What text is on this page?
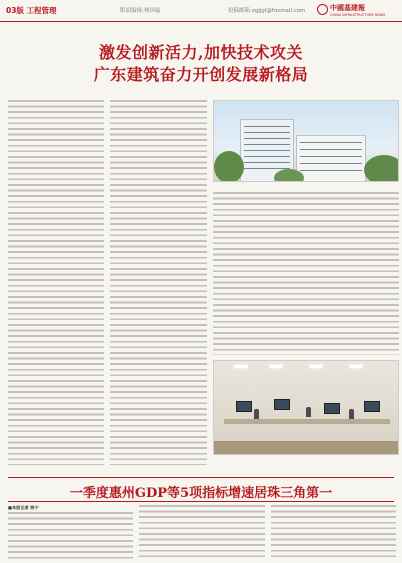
03版 工程管理	版面编辑:林国福	投稿邮箱:zgjjgl@foxmail.com	中國基建報
CHINA INFRASTRUCTURE NEWS
激发创新活力,加快技术攻关
广东建筑奋力开创发展新格局
一季度惠州GDP等5项指标增速居珠三角第一
■本报记者 杨宁
